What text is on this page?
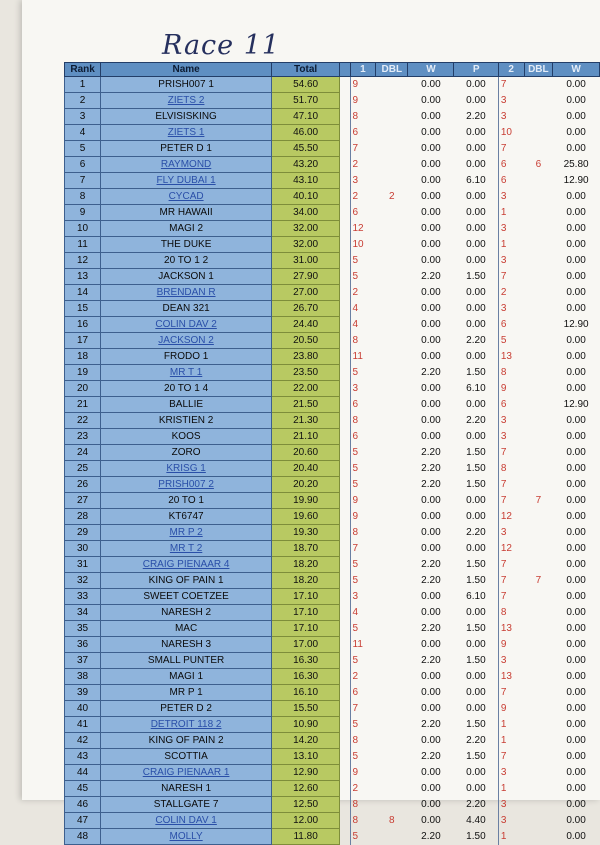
Race 11
Rank	Name	Total		1	DBL	W	P	2	DBL	W
1	PRISH007 1	54.60		9		0.00	0.00	7		0.00
2	ZIETS 2	51.70		9		0.00	0.00	3		0.00
3	ELVISISKING	47.10		8		0.00	2.20	3		0.00
4	ZIETS 1	46.00		6		0.00	0.00	10		0.00
5	PETER D 1	45.50		7		0.00	0.00	7		0.00
6	RAYMOND	43.20		2		0.00	0.00	6	6	25.80
7	FLY DUBAI 1	43.10		3		0.00	6.10	6		12.90
8	CYCAD	40.10		2	2	0.00	0.00	3		0.00
9	MR HAWAII	34.00		6		0.00	0.00	1		0.00
10	MAGI 2	32.00		12		0.00	0.00	3		0.00
11	THE DUKE	32.00		10		0.00	0.00	1		0.00
12	20 TO 1 2	31.00		5		0.00	0.00	3		0.00
13	JACKSON 1	27.90		5		2.20	1.50	7		0.00
14	BRENDAN R	27.00		2		0.00	0.00	2		0.00
15	DEAN 321	26.70		4		0.00	0.00	3		0.00
16	COLIN DAV 2	24.40		4		0.00	0.00	6		12.90
17	JACKSON 2	20.50		8		0.00	2.20	5		0.00
18	FRODO 1	23.80		11		0.00	0.00	13		0.00
19	MR T 1	23.50		5		2.20	1.50	8		0.00
20	20 TO 1 4	22.00		3		0.00	6.10	9		0.00
21	BALLIE	21.50		6		0.00	0.00	6		12.90
22	KRISTIEN 2	21.30		8		0.00	2.20	3		0.00
23	KOOS	21.10		6		0.00	0.00	3		0.00
24	ZORO	20.60		5		2.20	1.50	7		0.00
25	KRISG 1	20.40		5		2.20	1.50	8		0.00
26	PRISH007 2	20.20		5		2.20	1.50	7		0.00
27	20 TO 1	19.90		9		0.00	0.00	7	7	0.00
28	KT6747	19.60		9		0.00	0.00	12		0.00
29	MR P 2	19.30		8		0.00	2.20	3		0.00
30	MR T 2	18.70		7		0.00	0.00	12		0.00
31	CRAIG PIENAAR 4	18.20		5		2.20	1.50	7		0.00
32	KING OF PAIN 1	18.20		5		2.20	1.50	7	7	0.00
33	SWEET COETZEE	17.10		3		0.00	6.10	7		0.00
34	NARESH 2	17.10		4		0.00	0.00	8		0.00
35	MAC	17.10		5		2.20	1.50	13		0.00
36	NARESH 3	17.00		11		0.00	0.00	9		0.00
37	SMALL PUNTER	16.30		5		2.20	1.50	3		0.00
38	MAGI 1	16.30		2		0.00	0.00	13		0.00
39	MR P 1	16.10		6		0.00	0.00	7		0.00
40	PETER D 2	15.50		7		0.00	0.00	9		0.00
41	DETROIT 118 2	10.90		5		2.20	1.50	1		0.00
42	KING OF PAIN 2	14.20		8		0.00	2.20	1		0.00
43	SCOTTIA	13.10		5		2.20	1.50	7		0.00
44	CRAIG PIENAAR 1	12.90		9		0.00	0.00	3		0.00
45	NARESH 1	12.60		2		0.00	0.00	1		0.00
46	STALLGATE 7	12.50		8		0.00	2.20	3		0.00
47	COLIN DAV 1	12.00		8	8	0.00	4.40	3		0.00
48	MOLLY	11.80		5		2.20	1.50	1		0.00
